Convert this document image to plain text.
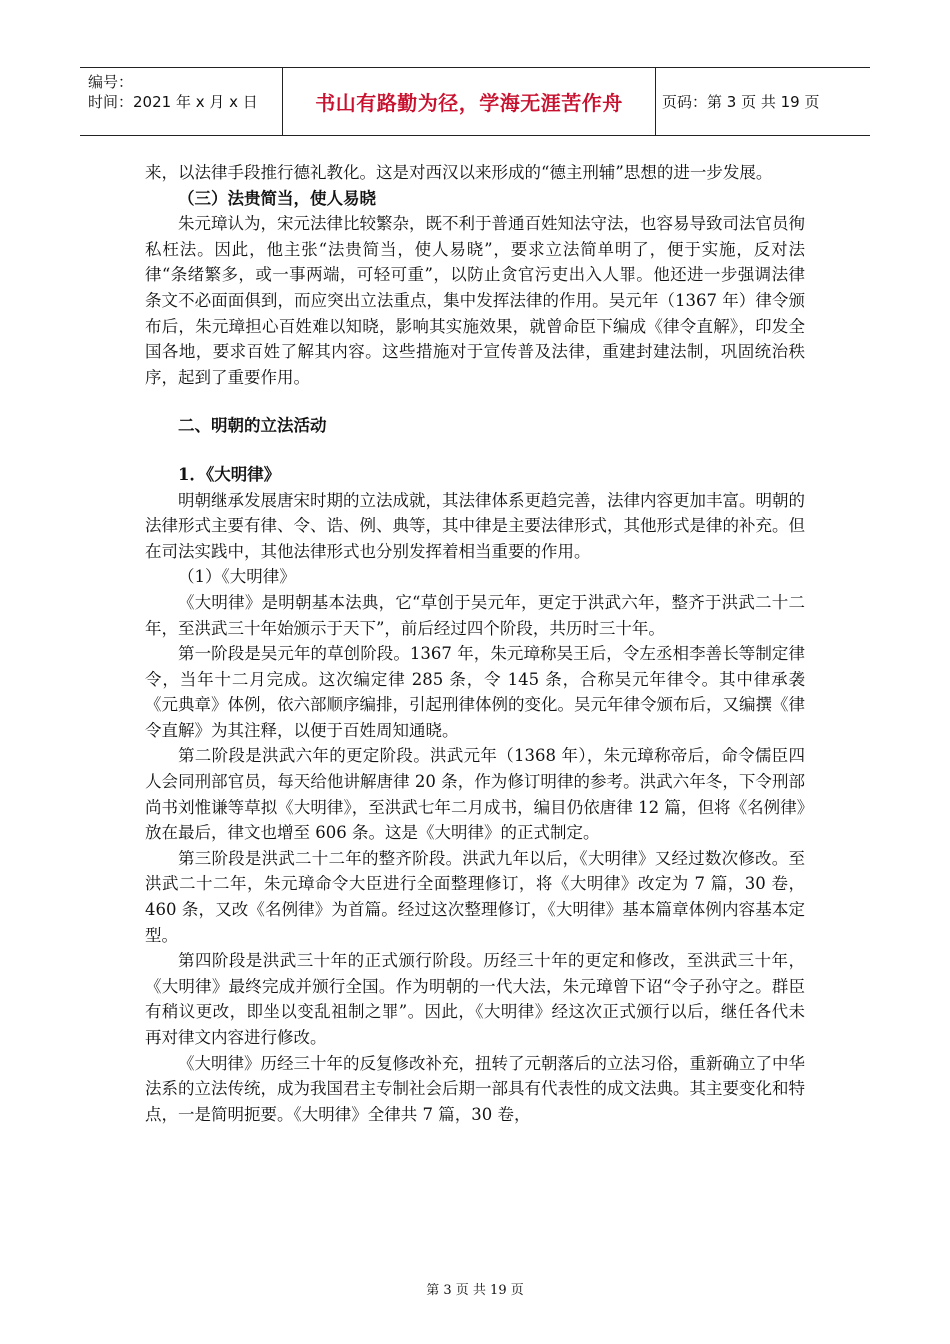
编号：
时间：2021 年 x 月 x 日	书山有路勤为径，学海无涯苦作舟	页码：第 3 页 共 19 页

来，以法律手段推行德礼教化。这是对西汉以来形成的“德主刑辅”思想的进一步发展。

（三）法贵简当，使人易晓

朱元璋认为，宋元法律比较繁杂，既不利于普通百姓知法守法，也容易导致司法官员徇私枉法。因此，他主张“法贵简当，使人易晓”，要求立法简单明了，便于实施，反对法律“条绪繁多，或一事两端，可轻可重”，以防止贪官污吏出入人罪。他还进一步强调法律条文不必面面俱到，而应突出立法重点，集中发挥法律的作用。吴元年（1367 年）律令颁布后，朱元璋担心百姓难以知晓，影响其实施效果，就曾命臣下编成《律令直解》，印发全国各地，要求百姓了解其内容。这些措施对于宣传普及法律，重建封建法制，巩固统治秩序，起到了重要作用。

二、明朝的立法活动
1．《大明律》

明朝继承发展唐宋时期的立法成就，其法律体系更趋完善，法律内容更加丰富。明朝的法律形式主要有律、令、诰、例、典等，其中律是主要法律形式，其他形式是律的补充。但在司法实践中，其他法律形式也分别发挥着相当重要的作用。

（1）《大明律》

《大明律》是明朝基本法典，它“草创于吴元年，更定于洪武六年，整齐于洪武二十二年，至洪武三十年始颁示于天下”，前后经过四个阶段，共历时三十年。

第一阶段是吴元年的草创阶段。1367 年，朱元璋称吴王后，令左丞相李善长等制定律令，当年十二月完成。这次编定律 285 条，令 145 条，合称吴元年律令。其中律承袭《元典章》体例，依六部顺序编排，引起刑律体例的变化。吴元年律令颁布后，又编撰《律令直解》为其注释，以便于百姓周知通晓。

第二阶段是洪武六年的更定阶段。洪武元年（1368 年），朱元璋称帝后，命令儒臣四人会同刑部官员，每天给他讲解唐律 20 条，作为修订明律的参考。洪武六年冬，下令刑部尚书刘惟谦等草拟《大明律》，至洪武七年二月成书，编目仍依唐律 12 篇，但将《名例律》放在最后，律文也增至 606 条。这是《大明律》的正式制定。

第三阶段是洪武二十二年的整齐阶段。洪武九年以后，《大明律》又经过数次修改。至洪武二十二年，朱元璋命令大臣进行全面整理修订，将《大明律》改定为 7 篇，30 卷，460 条，又改《名例律》为首篇。经过这次整理修订，《大明律》基本篇章体例内容基本定型。

第四阶段是洪武三十年的正式颁行阶段。历经三十年的更定和修改，至洪武三十年，《大明律》最终完成并颁行全国。作为明朝的一代大法，朱元璋曾下诏“令子孙守之。群臣有稍议更改，即坐以变乱祖制之罪”。因此，《大明律》经这次正式颁行以后，继任各代未再对律文内容进行修改。

《大明律》历经三十年的反复修改补充，扭转了元朝落后的立法习俗，重新确立了中华法系的立法传统，成为我国君主专制社会后期一部具有代表性的成文法典。其主要变化和特点，一是简明扼要。《大明律》全律共 7 篇，30 卷，

第 3 页 共 19 页
